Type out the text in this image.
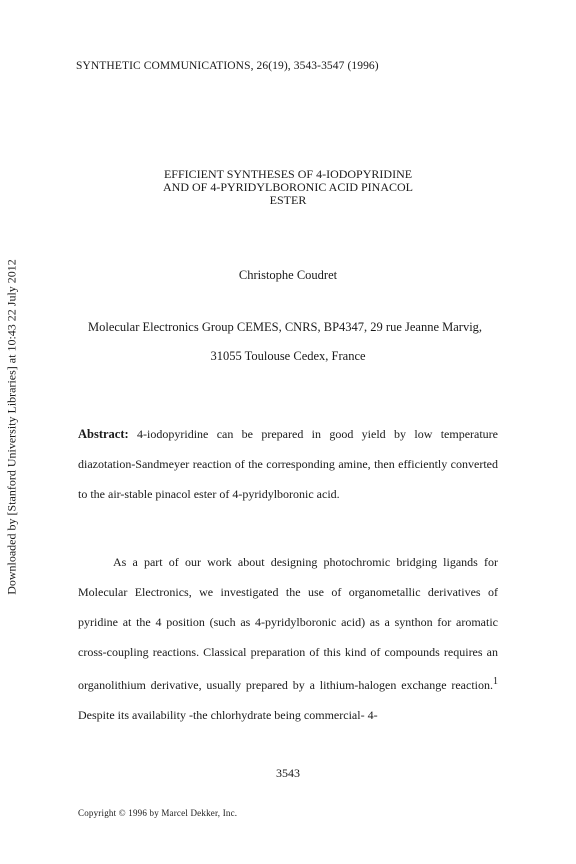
SYNTHETIC COMMUNICATIONS, 26(19), 3543-3547 (1996)
EFFICIENT SYNTHESES OF 4-IODOPYRIDINE
AND OF 4-PYRIDYLBORONIC ACID PINACOL
ESTER
Christophe Coudret
Molecular Electronics Group CEMES, CNRS, BP4347, 29 rue Jeanne Marvig,
31055 Toulouse Cedex, France
Abstract: 4-iodopyridine can be prepared in good yield by low temperature diazotation-Sandmeyer reaction of the corresponding amine, then efficiently converted to the air-stable pinacol ester of 4-pyridylboronic acid.
As a part of our work about designing photochromic bridging ligands for Molecular Electronics, we investigated the use of organometallic derivatives of pyridine at the 4 position (such as 4-pyridylboronic acid) as a synthon for aromatic cross-coupling reactions. Classical preparation of this kind of compounds requires an organolithium derivative, usually prepared by a lithium-halogen exchange reaction.$^1$ Despite its availability -the chlorhydrate being commercial- 4-
3543
Copyright © 1996 by Marcel Dekker, Inc.
Downloaded by [Stanford University Libraries] at 10:43 22 July 2012
